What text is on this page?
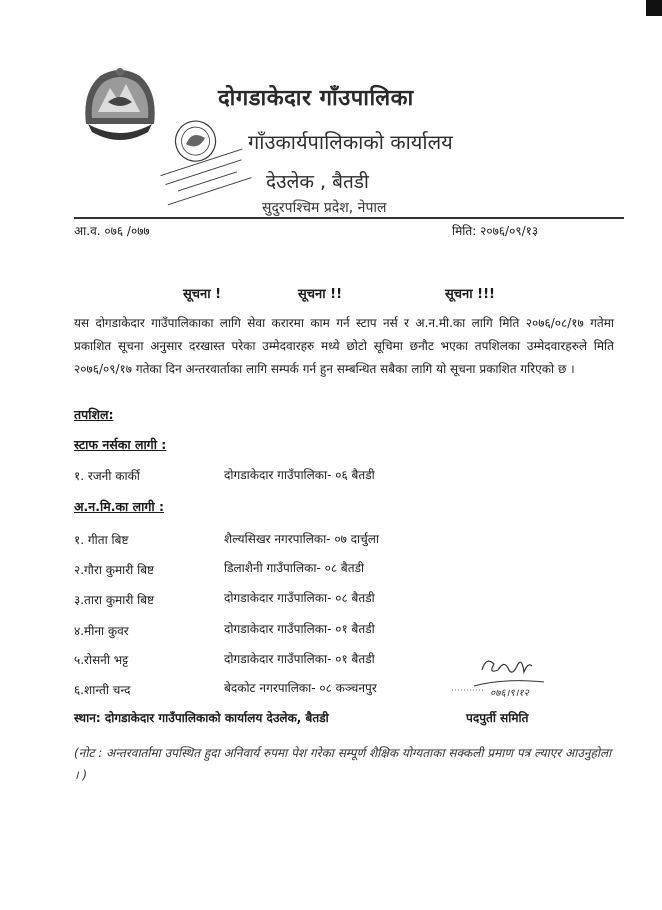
दोगडाकेदार गाँउपालिका
गाँउकार्यपालिकाको कार्यालय
देउलेक , बैतडी
सुदुरपश्चिम प्रदेश, नेपाल
आ.व. ०७६ /०७७	मिति: २०७६/०९/१३
सूचना !	सूचना !!	सूचना !!!
यस दोगडाकेदार गाउँपालिकाका लागि सेवा करारमा काम गर्न स्टाप नर्स र अ.न.मी.का लागि मिति २०७६/०८/१७ गतेमा प्रकाशित सूचना अनुसार दरखास्त परेका उम्मेदवारहरु मध्ये छोटो सूचिमा छनौट भएका तपशिलका उम्मेदवारहरुले मिति २०७६/०९/१७ गतेका दिन अन्तरवार्ताका लागि सम्पर्क गर्न हुन सम्बन्धित सबैका लागि यो सूचना प्रकाशित गरिएको छ ।
तपशिल:
स्टाफ नर्सका लागी :
१. रजनी कार्की	दोगडाकेदार गाउँपालिका- ०६ बैतडी
अ.न.मि.का लागी :
१. गीता बिष्ट	शैल्यसिखर नगरपालिका- ०७ दार्चुला
२.गौरा कुमारी बिष्ट	डिलाशैनी गाउँपालिका- ०८ बैतडी
३.तारा कुमारी बिष्ट	दोगडाकेदार गाउँपालिका- ०८ बैतडी
४.मीना कुवर	दोगडाकेदार गाउँपालिका- ०१ बैतडी
५.रोसनी भट्ट	दोगडाकेदार गाउँपालिका- ०१ बैतडी
६.शान्ती चन्द	बेदकोट नगरपालिका- ०८ कञ्चनपुर	०७६।९।१२
स्थान: दोगडाकेदार गाउँपालिकाको कार्यालय देउलेक, बैतडी	पदपुर्ती समिति
(नोट : अन्तरवार्तामा उपस्थित हुदा अनिवार्य रुपमा पेश गरेका सम्पूर्ण शैक्षिक योग्यताका सक्कली प्रमाण पत्र ल्याएर आउनुहोला । )
